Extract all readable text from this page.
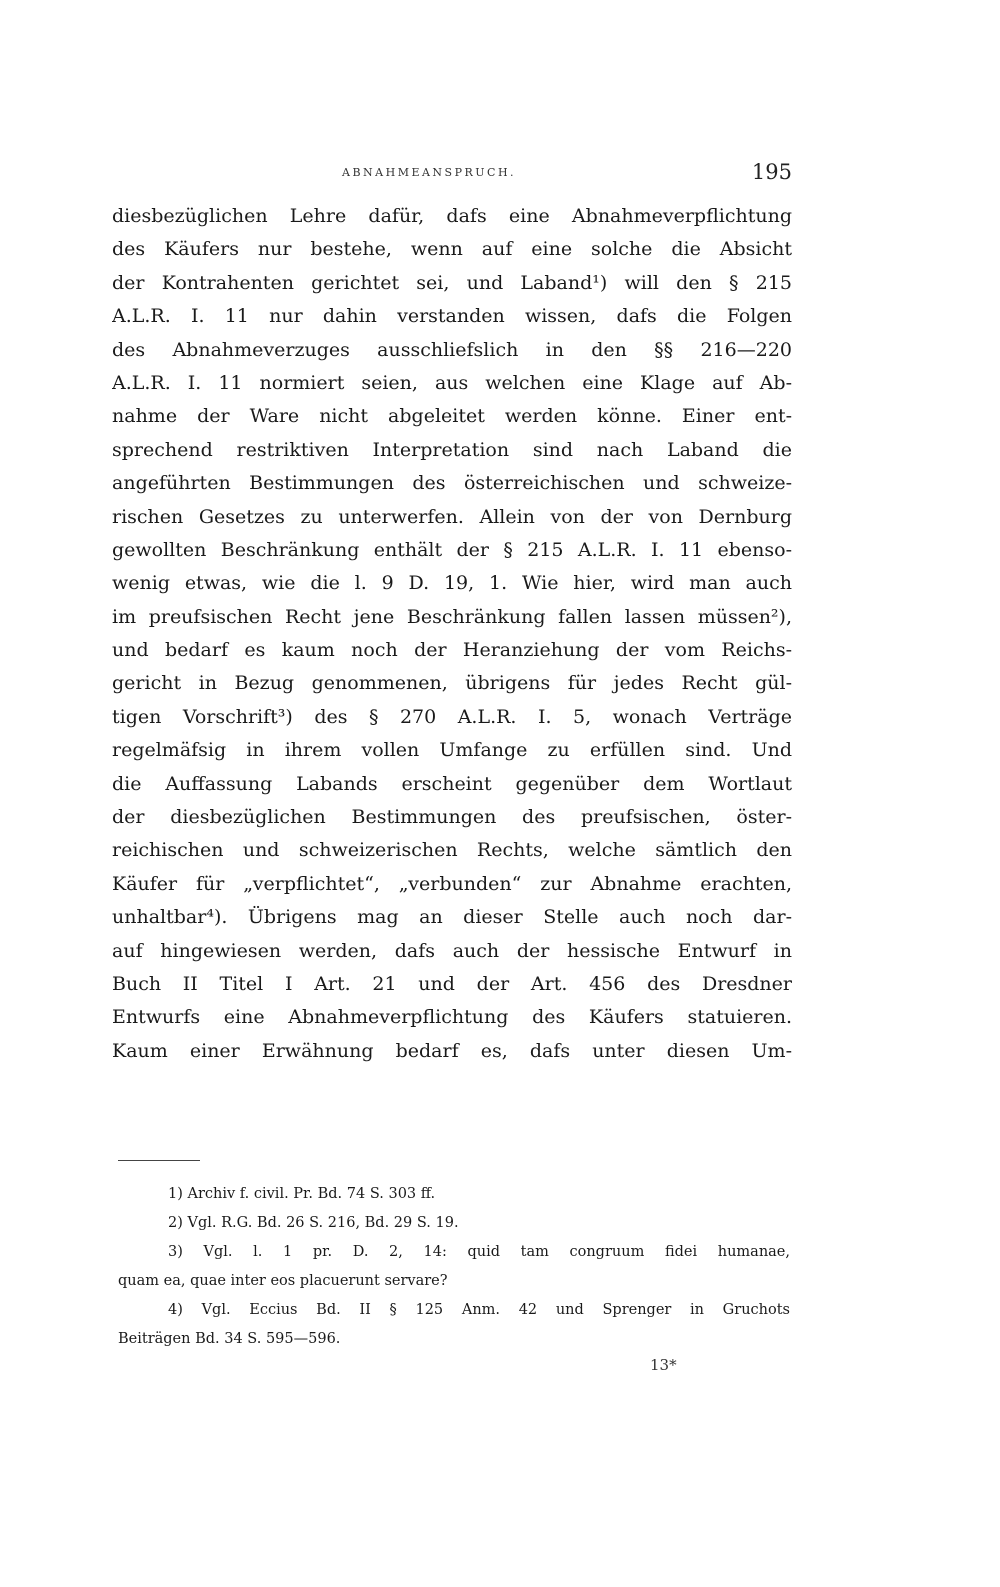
ABNAHMEANSPRUCH.	195
diesbezüglichen Lehre dafür, dafs eine Abnahmeverpflichtung
des Käufers nur bestehe, wenn auf eine solche die Absicht
der Kontrahenten gerichtet sei, und Laband¹) will den § 215
A.L.R. I. 11 nur dahin verstanden wissen, dafs die Folgen
des Abnahmeverzuges ausschliefslich in den §§ 216—220
A.L.R. I. 11 normiert seien, aus welchen eine Klage auf Ab-
nahme der Ware nicht abgeleitet werden könne. Einer ent-
sprechend restriktiven Interpretation sind nach Laband die
angeführten Bestimmungen des österreichischen und schweize-
rischen Gesetzes zu unterwerfen. Allein von der von Dernburg
gewollten Beschränkung enthält der § 215 A.L.R. I. 11 ebenso-
wenig etwas, wie die l. 9 D. 19, 1. Wie hier, wird man auch
im preufsischen Recht jene Beschränkung fallen lassen müssen²),
und bedarf es kaum noch der Heranziehung der vom Reichs-
gericht in Bezug genommenen, übrigens für jedes Recht gül-
tigen Vorschrift³) des § 270 A.L.R. I. 5, wonach Verträge
regelmäfsig in ihrem vollen Umfange zu erfüllen sind. Und
die Auffassung Labands erscheint gegenüber dem Wortlaut
der diesbezüglichen Bestimmungen des preufsischen, öster-
reichischen und schweizerischen Rechts, welche sämtlich den
Käufer für „verpflichtet“, „verbunden“ zur Abnahme erachten,
unhaltbar⁴). Übrigens mag an dieser Stelle auch noch dar-
auf hingewiesen werden, dafs auch der hessische Entwurf in
Buch II Titel I Art. 21 und der Art. 456 des Dresdner
Entwurfs eine Abnahmeverpflichtung des Käufers statuieren.
Kaum einer Erwähnung bedarf es, dafs unter diesen Um-
1) Archiv f. civil. Pr. Bd. 74 S. 303 ff.
2) Vgl. R.G. Bd. 26 S. 216, Bd. 29 S. 19.
3) Vgl. l. 1 pr. D. 2, 14: quid tam congruum fidei humanae,
quam ea, quae inter eos placuerunt servare?
4) Vgl. Eccius Bd. II § 125 Anm. 42 und Sprenger in Gruchots
Beiträgen Bd. 34 S. 595—596.
13*
